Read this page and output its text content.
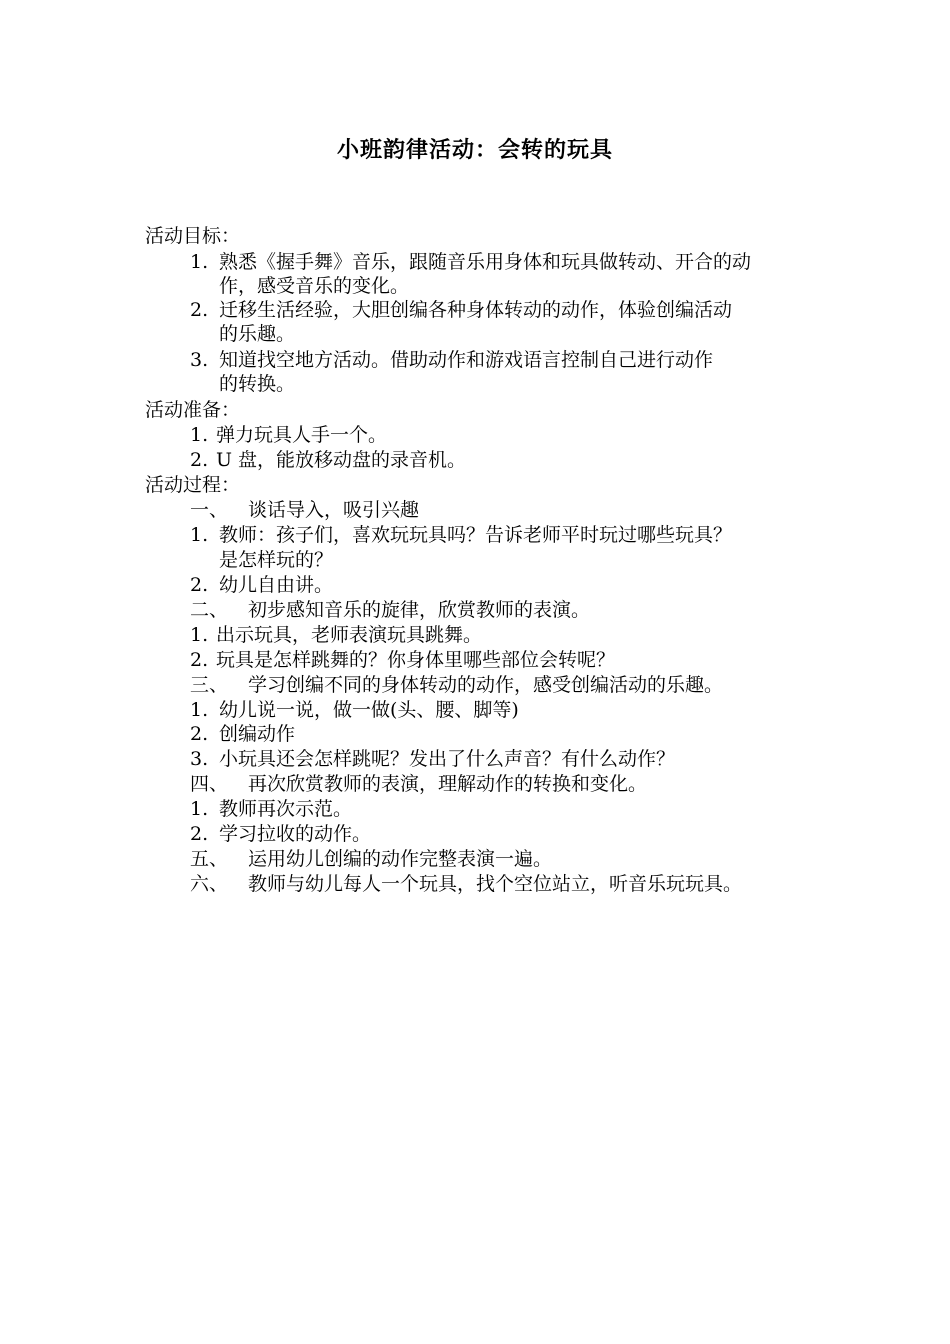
小班韵律活动：会转的玩具
活动目标：
1. 熟悉《握手舞》音乐，跟随音乐用身体和玩具做转动、开合的动
作，感受音乐的变化。
2. 迁移生活经验，大胆创编各种身体转动的动作，体验创编活动
的乐趣。
3. 知道找空地方活动。借助动作和游戏语言控制自己进行动作
的转换。
活动准备：
1. 弹力玩具人手一个。
2. U 盘，能放移动盘的录音机。
活动过程：
一、 谈话导入，吸引兴趣
1. 教师：孩子们，喜欢玩玩具吗？告诉老师平时玩过哪些玩具？
是怎样玩的？
2. 幼儿自由讲。
二、 初步感知音乐的旋律，欣赏教师的表演。
1. 出示玩具，老师表演玩具跳舞。
2. 玩具是怎样跳舞的？你身体里哪些部位会转呢？
三、 学习创编不同的身体转动的动作，感受创编活动的乐趣。
1. 幼儿说一说，做一做(头、腰、脚等)
2. 创编动作
3. 小玩具还会怎样跳呢？发出了什么声音？有什么动作？
四、 再次欣赏教师的表演，理解动作的转换和变化。
1. 教师再次示范。
2. 学习拉收的动作。
五、 运用幼儿创编的动作完整表演一遍。
六、 教师与幼儿每人一个玩具，找个空位站立，听音乐玩玩具。
